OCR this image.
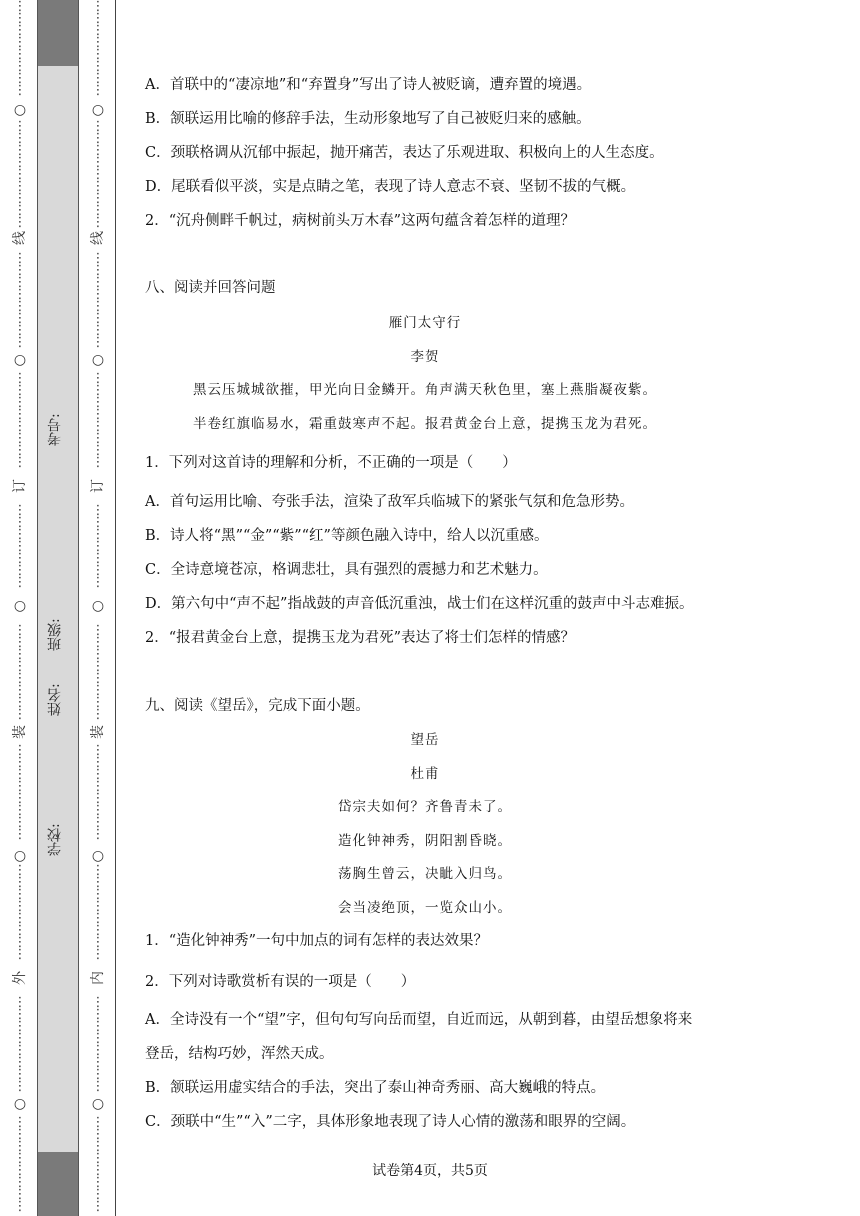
⋮
⋮
⋮
⋮
⋮
⋮
⋮
⋮
⋮
⋮
⋮
⋮
⋮
⋮
⋮
⋮
⋮
⋮
⋮
⋮
⋮
⋮
⋮
⋮
⋮
⋮
⋮
⋮
⋮
⋮
⋮
⋮
⋮
⋮
⋮
⋮
⋮
⋮
⋮
⋮
⋮
⋮
⋮
⋮
⋮
⋮
⋮
⋮
⋮
⋮
⋮
⋮
⋮
⋮
⋮
⋮
⋮
⋮
⋮
⋮
⋮
⋮
⋮
⋮
⋮
⋮
⋮
⋮
⋮
⋮
⋮
⋮
⋮
⋮
⋮
⋮
⋮
⋮
⋮
⋮
○
○
○
○
○
线
订
装
外
考号:
班级:
姓名:
学校:
⋮
⋮
⋮
⋮
⋮
⋮
⋮
⋮
⋮
⋮
⋮
⋮
⋮
⋮
⋮
⋮
⋮
⋮
⋮
⋮
⋮
⋮
⋮
⋮
⋮
⋮
⋮
⋮
⋮
⋮
⋮
⋮
⋮
⋮
⋮
⋮
⋮
⋮
⋮
⋮
⋮
⋮
⋮
⋮
⋮
⋮
⋮
⋮
⋮
⋮
⋮
⋮
⋮
⋮
⋮
⋮
⋮
⋮
⋮
⋮
⋮
⋮
⋮
⋮
⋮
⋮
⋮
⋮
⋮
⋮
⋮
⋮
⋮
⋮
⋮
⋮
⋮
⋮
⋮
⋮
○
○
○
○
○
线
订
装
内
A．首联中的“凄凉地”和“弃置身”写出了诗人被贬谪，遭弃置的境遇。
B．颔联运用比喻的修辞手法，生动形象地写了自己被贬归来的感触。
C．颈联格调从沉郁中振起，抛开痛苦，表达了乐观进取、积极向上的人生态度。
D．尾联看似平淡，实是点睛之笔，表现了诗人意志不衰、坚韧不拔的气概。
2．“沉舟侧畔千帆过，病树前头万木春”这两句蕴含着怎样的道理？
八、阅读并回答问题
雁门太守行
李贺
黑云压城城欲摧，甲光向日金鳞开。角声满天秋色里，塞上燕脂凝夜紫。
半卷红旗临易水，霜重鼓寒声不起。报君黄金台上意，提携玉龙为君死。
1．下列对这首诗的理解和分析，不正确的一项是（　　）
A．首句运用比喻、夸张手法，渲染了敌军兵临城下的紧张气氛和危急形势。
B．诗人将“黑”“金”“紫”“红”等颜色融入诗中，给人以沉重感。
C．全诗意境苍凉，格调悲壮，具有强烈的震撼力和艺术魅力。
D．第六句中“声不起”指战鼓的声音低沉重浊，战士们在这样沉重的鼓声中斗志难振。
2．“报君黄金台上意，提携玉龙为君死”表达了将士们怎样的情感？
九、阅读《望岳》，完成下面小题。
望岳
杜甫
岱宗夫如何？齐鲁青未了。
造化钟神秀，阴阳割昏晓。
荡胸生曾云，决眦入归鸟。
会当凌绝顶，一览众山小。
1．“造化钟神秀”一句中加点的词有怎样的表达效果？
2．下列对诗歌赏析有误的一项是（　　）
A．全诗没有一个“望”字，但句句写向岳而望，自近而远，从朝到暮，由望岳想象将来
登岳，结构巧妙，浑然天成。
B．颔联运用虚实结合的手法，突出了泰山神奇秀丽、高大巍峨的特点。
C．颈联中“生”“入”二字，具体形象地表现了诗人心情的激荡和眼界的空阔。
试卷第4页，共5页
